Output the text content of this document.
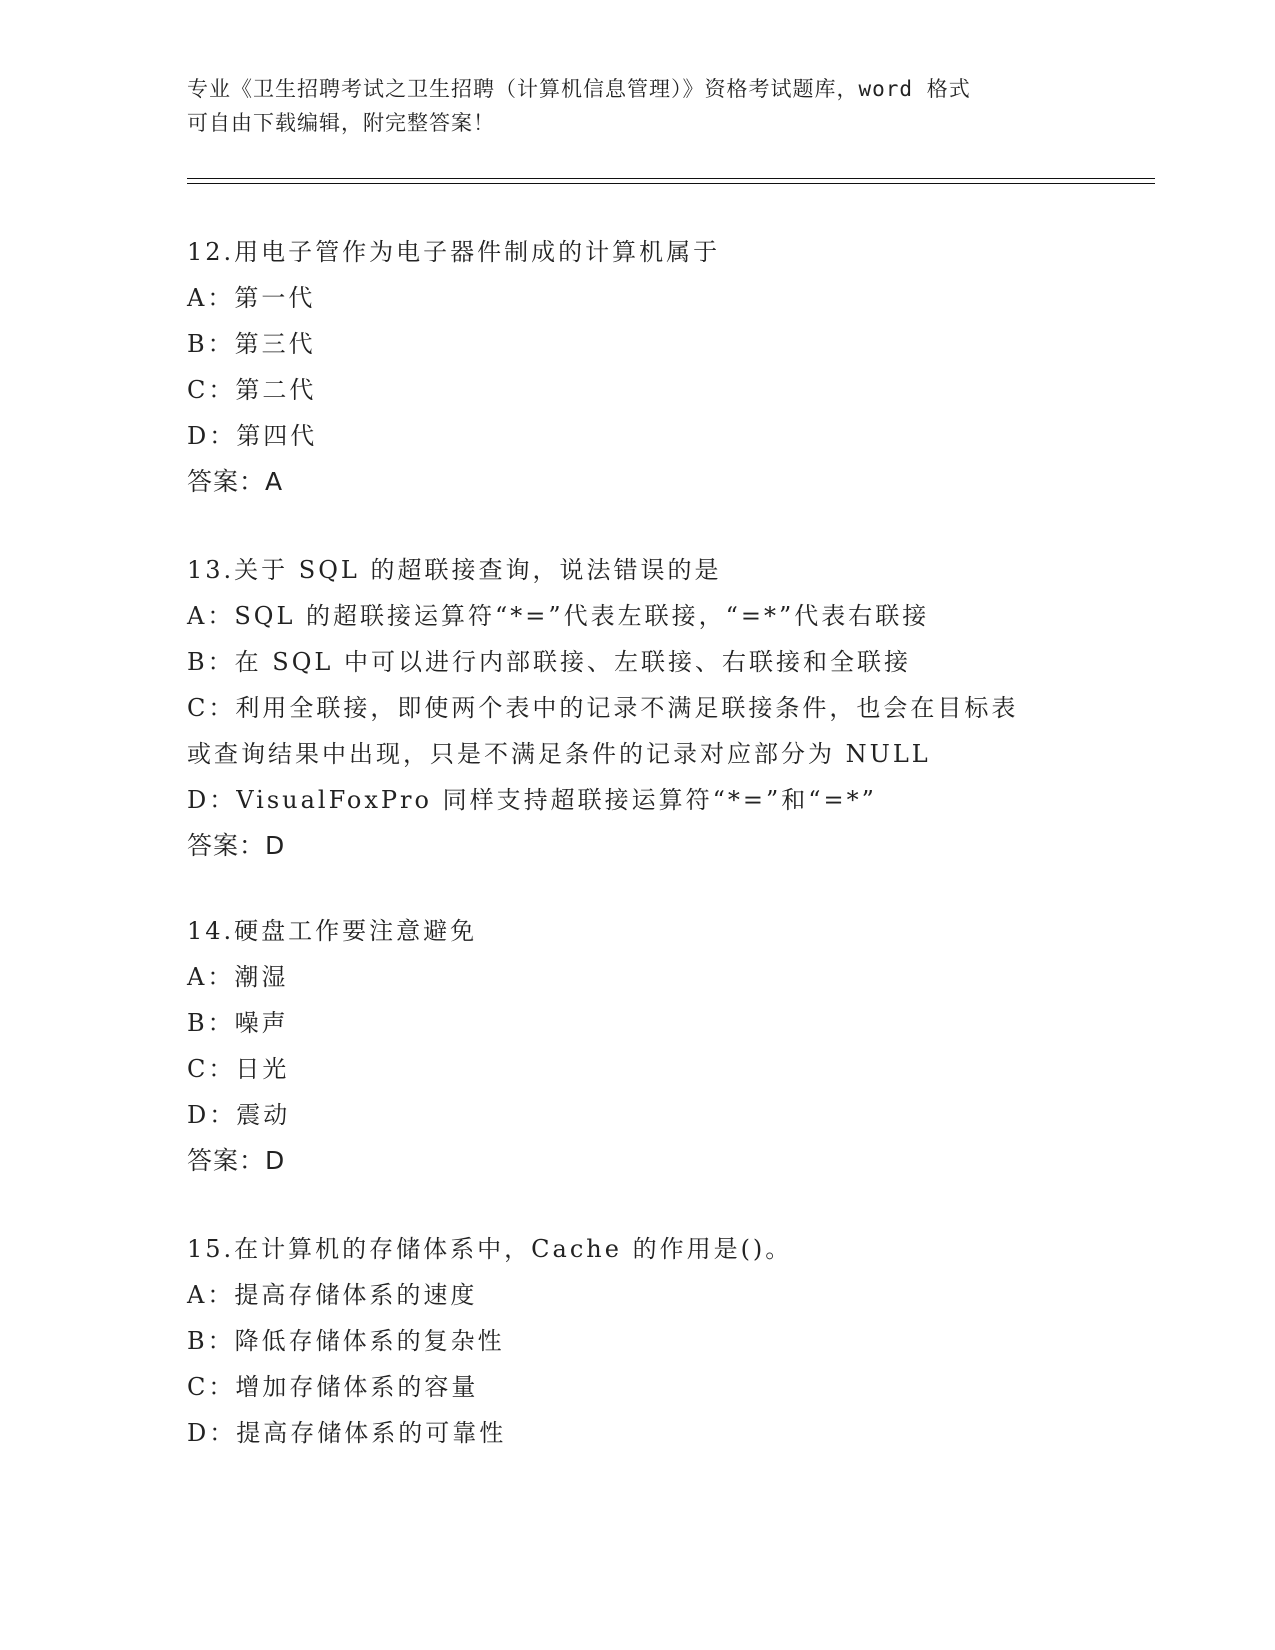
专业《卫生招聘考试之卫生招聘（计算机信息管理）》资格考试题库，word 格式
可自由下载编辑，附完整答案！
12.用电子管作为电子器件制成的计算机属于
A：第一代
B：第三代
C：第二代
D：第四代
答案：A
13.关于 SQL 的超联接查询，说法错误的是
A：SQL 的超联接运算符“*=”代表左联接，“=*”代表右联接
B：在 SQL 中可以进行内部联接、左联接、右联接和全联接
C：利用全联接，即使两个表中的记录不满足联接条件，也会在目标表
或查询结果中出现，只是不满足条件的记录对应部分为 NULL
D：VisualFoxPro 同样支持超联接运算符“*=”和“=*”
答案：D
14.硬盘工作要注意避免
A：潮湿
B：噪声
C：日光
D：震动
答案：D
15.在计算机的存储体系中，Cache 的作用是()。
A：提高存储体系的速度
B：降低存储体系的复杂性
C：增加存储体系的容量
D：提高存储体系的可靠性
